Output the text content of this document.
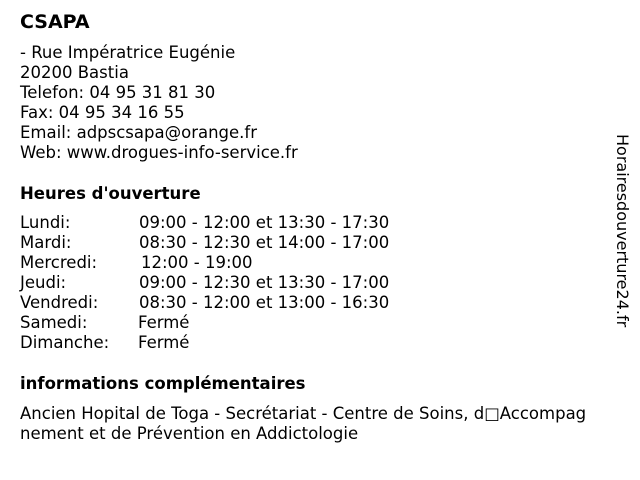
CSAPA
- Rue Impératrice Eugénie
20200 Bastia
Telefon: 04 95 31 81 30
Fax: 04 95 34 16 55
Email: adpscsapa@orange.fr
Web: www.drogues-info-service.fr
Heures d'ouverture
Lundi:	09:00 - 12:00 et 13:30 - 17:30
Mardi:	08:30 - 12:30 et 14:00 - 17:00
Mercredi:	12:00 - 19:00
Jeudi:	09:00 - 12:30 et 13:30 - 17:00
Vendredi: 08:30 - 12:00 et 13:00 - 16:30
Samedi:	Fermé
Dimanche: Fermé
informations complémentaires
Ancien Hopital de Toga - Secrétariat - Centre de Soins, d□Accompag
nement et de Prévention en Addictologie
Horairesdouverture24.fr
